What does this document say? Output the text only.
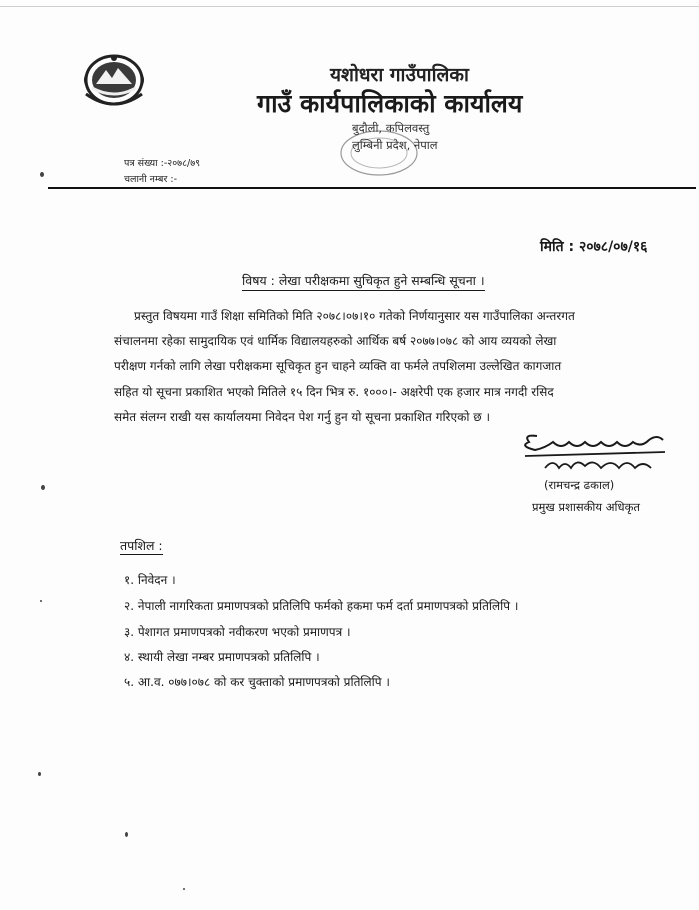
यशोधरा गाउँपालिका
गाउँ कार्यपालिकाको कार्यालय
बुदौली, कपिलवस्तु
लुम्बिनी प्रदेश, नेपाल
पत्र संख्या :-२०७८/७९
चलानी नम्बर :-
मिति : २०७८/०७/१६
विषय : लेखा परीक्षकमा सुचिकृत हुने सम्बन्धि सूचना ।
प्रस्तुत विषयमा गाउँ शिक्षा समितिको मिति २०७८।०७।१० गतेको निर्णयानुसार यस गाउँपालिका अन्तरगत
संचालनमा रहेका सामुदायिक एवं धार्मिक विद्यालयहरुको आर्थिक बर्ष २०७७।०७८ को आय व्ययको लेखा
परीक्षण गर्नको लागि लेखा परीक्षकमा सूचिकृत हुन चाहने व्यक्ति वा फर्मले तपशिलमा उल्लेखित कागजात
सहित यो सूचना प्रकाशित भएको मितिले १५ दिन भित्र रु. १०००।- अक्षरेपी एक हजार मात्र नगदी रसिद
समेत संलग्न राखी यस कार्यालयमा निवेदन पेश गर्नु हुन यो सूचना प्रकाशित गरिएको छ ।
(रामचन्द्र ढकाल)
प्रमुख प्रशासकीय अधिकृत
तपशिल :
१. निवेदन ।
२. नेपाली नागरिकता प्रमाणपत्रको प्रतिलिपि फर्मको हकमा फर्म दर्ता प्रमाणपत्रको प्रतिलिपि ।
३. पेशागत प्रमाणपत्रको नवीकरण भएको प्रमाणपत्र ।
४. स्थायी लेखा नम्बर प्रमाणपत्रको प्रतिलिपि ।
५. आ.व. ०७७।०७८ को कर चुक्ताको प्रमाणपत्रको प्रतिलिपि ।
